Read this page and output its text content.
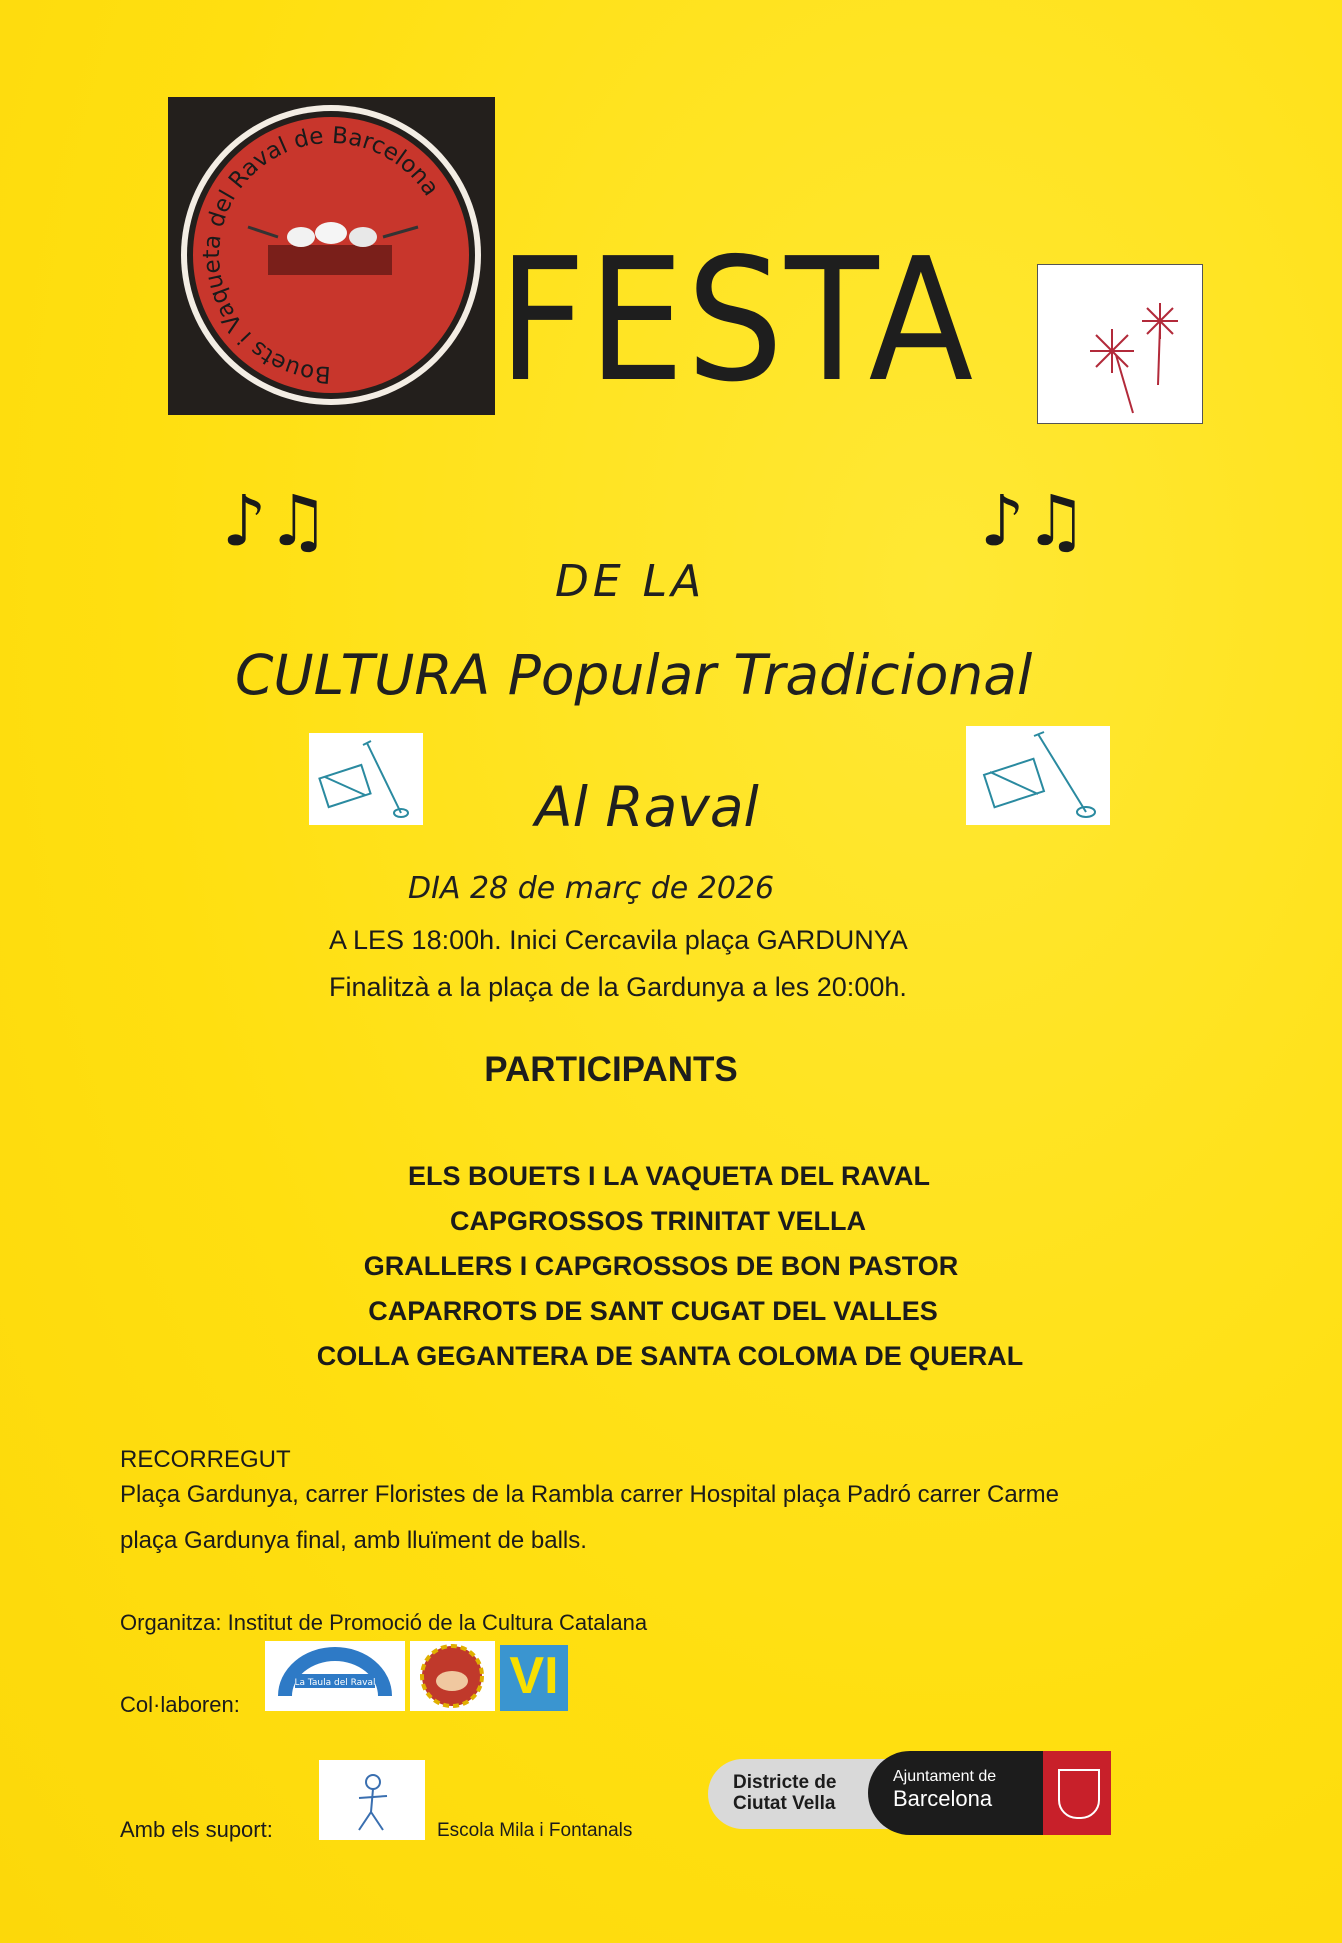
Bouets i Vaqueta del Raval de Barcelona
FESTA
♪♫	♪♫
DE LA
CULTURA Popular Tradicional
Al Raval
DIA 28 de març de 2026
A LES 18:00h. Inici Cercavila plaça GARDUNYA
Finalitzà a la plaça de la Gardunya a les 20:00h.
PARTICIPANTS
ELS BOUETS I LA VAQUETA DEL RAVAL
CAPGROSSOS TRINITAT VELLA
GRALLERS I CAPGROSSOS DE BON PASTOR
CAPARROTS DE SANT CUGAT DEL VALLES
COLLA GEGANTERA DE SANTA COLOMA DE QUERAL
RECORREGUT
Plaça Gardunya, carrer Floristes de la Rambla carrer Hospital plaça Padró carrer Carme
plaça Gardunya final, amb lluïment de balls.
Organitza: Institut de Promoció de la Cultura Catalana
Col·laboren:
La Taula del Raval	VI
Amb els suport:	Escola Mila i Fontanals
Districte de
Ciutat Vella
Ajuntament de
Barcelona
